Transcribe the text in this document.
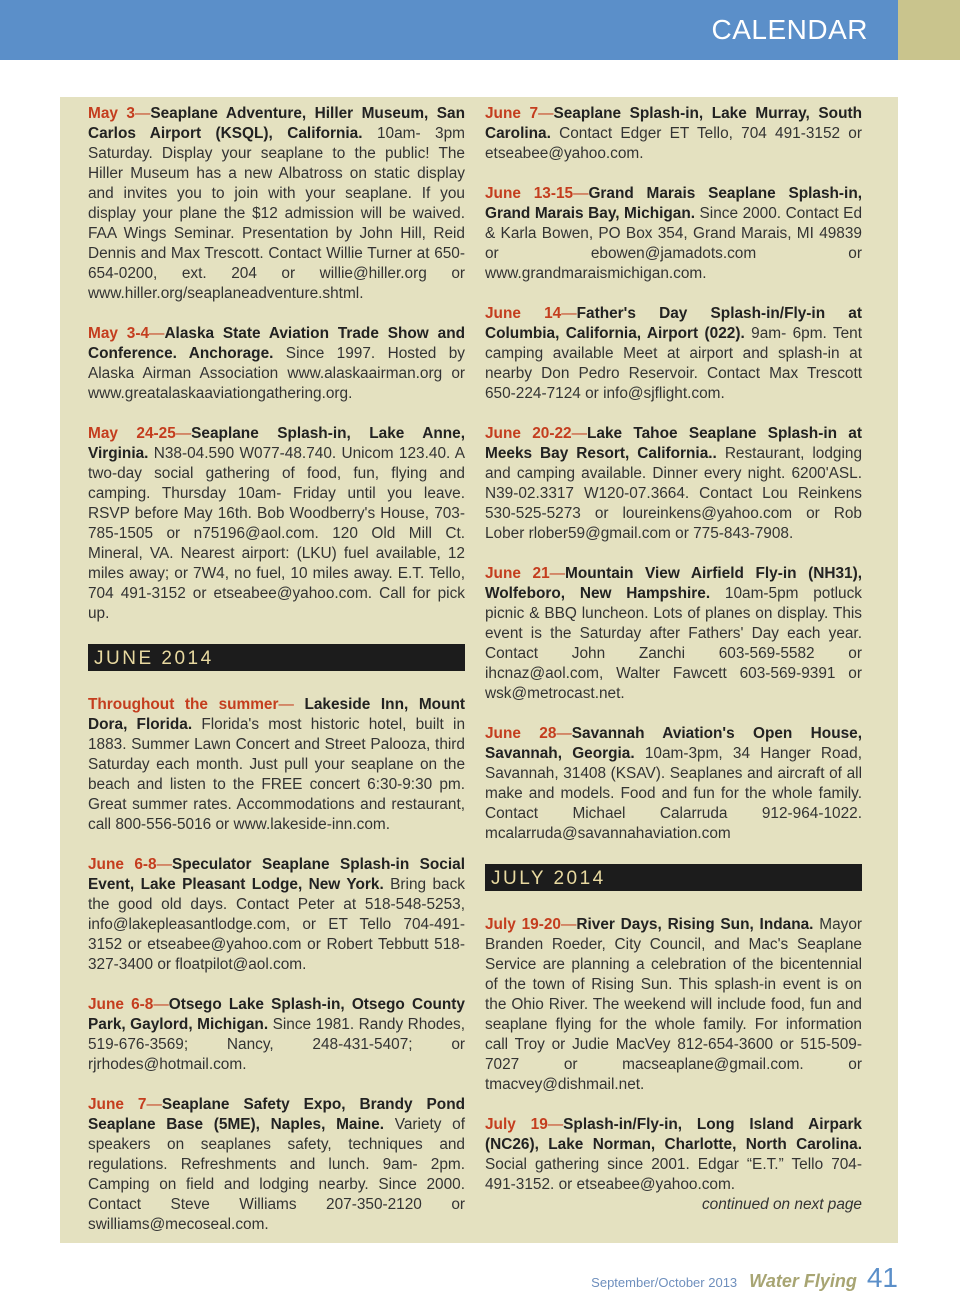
CALENDAR

May 3—Seaplane Adventure, Hiller Museum, San Carlos Airport (KSQL), California. 10am- 3pm Saturday. Display your seaplane to the public! The Hiller Museum has a new Albatross on static display and invites you to join with your seaplane. If you display your plane the $12 admission will be waived. FAA Wings Seminar. Presentation by John Hill, Reid Dennis and Max Trescott. Contact Willie Turner at 650-654-0200, ext. 204 or willie@hiller.org or www.hiller.org/seaplaneadventure.shtml.

May 3-4—Alaska State Aviation Trade Show and Conference. Anchorage. Since 1997. Hosted by Alaska Airman Association www.alaskaairman.org or www.greatalaskaaviationgathering.org.

May 24-25—Seaplane Splash-in, Lake Anne, Virginia. N38-04.590 W077-48.740. Unicom 123.40. A two-day social gathering of food, fun, flying and camping. Thursday 10am- Friday until you leave. RSVP before May 16th. Bob Woodberry's House, 703-785-1505 or n75196@aol.com. 120 Old Mill Ct. Mineral, VA. Nearest airport: (LKU) fuel available, 12 miles away; or 7W4, no fuel, 10 miles away. E.T. Tello, 704 491-3152 or etseabee@yahoo.com. Call for pick up.

JUNE 2014

Throughout the summer— Lakeside Inn, Mount Dora, Florida. Florida's most historic hotel, built in 1883. Summer Lawn Concert and Street Palooza, third Saturday each month. Just pull your seaplane on the beach and listen to the FREE concert 6:30-9:30 pm. Great summer rates. Accommodations and restaurant, call 800-556-5016 or www.lakeside-inn.com.

June 6-8—Speculator Seaplane Splash-in Social Event, Lake Pleasant Lodge, New York. Bring back the good old days. Contact Peter at 518-548-5253, info@lakepleasantlodge.com, or ET Tello 704-491-3152 or etseabee@yahoo.com or Robert Tebbutt 518-327-3400 or floatpilot@aol.com.

June 6-8—Otsego Lake Splash-in, Otsego County Park, Gaylord, Michigan. Since 1981. Randy Rhodes, 519-676-3569; Nancy, 248-431-5407; or rjrhodes@hotmail.com.

June 7—Seaplane Safety Expo, Brandy Pond Seaplane Base (5ME), Naples, Maine. Variety of speakers on seaplanes safety, techniques and regulations. Refreshments and lunch. 9am- 2pm. Camping on field and lodging nearby. Since 2000. Contact Steve Williams 207-350-2120 or swilliams@mecoseal.com.

June 7—Seaplane Splash-in, Lake Murray, South Carolina. Contact Edger ET Tello, 704 491-3152 or etseabee@yahoo.com.

June 13-15—Grand Marais Seaplane Splash-in, Grand Marais Bay, Michigan. Since 2000. Contact Ed & Karla Bowen, PO Box 354, Grand Marais, MI 49839 or ebowen@jamadots.com or www.grandmaraismichigan.com.

June 14—Father's Day Splash-in/Fly-in at Columbia, California, Airport (022). 9am- 6pm. Tent camping available Meet at airport and splash-in at nearby Don Pedro Reservoir. Contact Max Trescott 650-224-7124 or info@sjflight.com.

June 20-22—Lake Tahoe Seaplane Splash-in at Meeks Bay Resort, California.. Restaurant, lodging and camping available. Dinner every night. 6200'ASL. N39-02.3317 W120-07.3664. Contact Lou Reinkens 530-525-5273 or loureinkens@yahoo.com or Rob Lober rlober59@gmail.com or 775-843-7908.

June 21—Mountain View Airfield Fly-in (NH31), Wolfeboro, New Hampshire. 10am-5pm potluck picnic & BBQ luncheon. Lots of planes on display. This event is the Saturday after Fathers' Day each year. Contact John Zanchi 603-569-5582 or ihcnaz@aol.com, Walter Fawcett 603-569-9391 or wsk@metrocast.net.

June 28—Savannah Aviation's Open House, Savannah, Georgia. 10am-3pm, 34 Hanger Road, Savannah, 31408 (KSAV). Seaplanes and aircraft of all make and models. Food and fun for the whole family. Contact Michael Calarruda 912-964-1022. mcalarruda@savannahaviation.com

JULY 2014

July 19-20—River Days, Rising Sun, Indana. Mayor Branden Roeder, City Council, and Mac's Seaplane Service are planning a celebration of the bicentennial of the town of Rising Sun. This splash-in event is on the Ohio River. The weekend will include food, fun and seaplane flying for the whole family. For information call Troy or Judie MacVey 812-654-3600 or 515-509-7027 or macseaplane@gmail.com. or tmacvey@dishmail.net.

July 19—Splash-in/Fly-in, Long Island Airpark (NC26), Lake Norman, Charlotte, North Carolina. Social gathering since 2001. Edgar “E.T.” Tello 704-491-3152. or etseabee@yahoo.com.

continued on next page
September/October 2013 Water Flying 41
